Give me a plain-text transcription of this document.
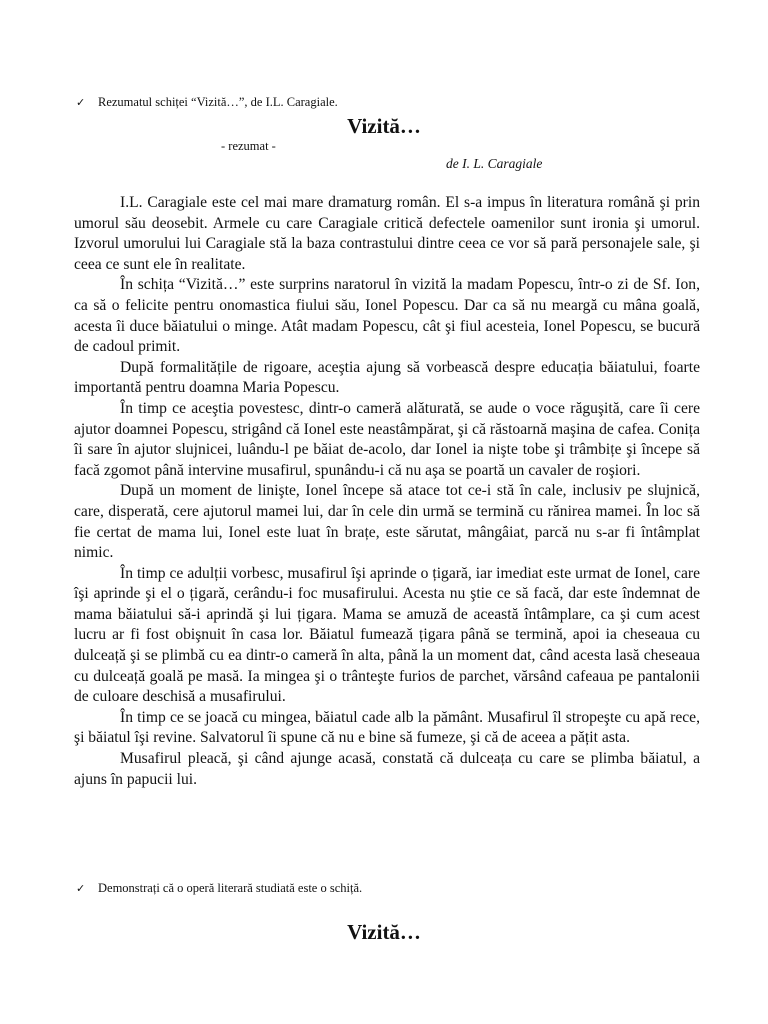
✓ Rezumatul schiței “Vizită…”, de I.L. Caragiale.
Vizită…
- rezumat -
de I. L. Caragiale

I.L. Caragiale este cel mai mare dramaturg român. El s-a impus în literatura română şi prin umorul său deosebit. Armele cu care Caragiale critică defectele oamenilor sunt ironia şi umorul. Izvorul umorului lui Caragiale stă la baza contrastului dintre ceea ce vor să pară personajele sale, şi ceea ce sunt ele în realitate.

În schița “Vizită…” este surprins naratorul în vizită la madam Popescu, într-o zi de Sf. Ion, ca să o felicite pentru onomastica fiului său, Ionel Popescu. Dar ca să nu meargă cu mâna goală, acesta îi duce băiatului o minge. Atât madam Popescu, cât şi fiul acesteia, Ionel Popescu, se bucură de cadoul primit.

După formalitățile de rigoare, aceştia ajung să vorbească despre educația băiatului, foarte importantă pentru doamna Maria Popescu.

În timp ce aceştia povestesc, dintr-o cameră alăturată, se aude o voce răguşită, care îi cere ajutor doamnei Popescu, strigând că Ionel este neastâmpărat, şi că răstoarnă maşina de cafea. Conița îi sare în ajutor slujnicei, luându-l pe băiat de-acolo, dar Ionel ia nişte tobe şi trâmbițe şi începe să facă zgomot până intervine musafirul, spunându-i că nu aşa se poartă un cavaler de roşiori.

După un moment de linişte, Ionel începe să atace tot ce-i stă în cale, inclusiv pe slujnică, care, disperată, cere ajutorul mamei lui, dar în cele din urmă se termină cu rănirea mamei. În loc să fie certat de mama lui, Ionel este luat în brațe, este sărutat, mângâiat, parcă nu s-ar fi întâmplat nimic.

În timp ce adulții vorbesc, musafirul îşi aprinde o țigară, iar imediat este urmat de Ionel, care îşi aprinde şi el o țigară, cerându-i foc musafirului. Acesta nu ştie ce să facă, dar este îndemnat de mama băiatului să-i aprindă şi lui țigara. Mama se amuză de această întâmplare, ca şi cum acest lucru ar fi fost obişnuit în casa lor. Băiatul fumează țigara până se termină, apoi ia cheseaua cu dulceață şi se plimbă cu ea dintr-o cameră în alta, până la un moment dat, când acesta lasă cheseaua cu dulceață goală pe masă. Ia mingea şi o trânteşte furios de parchet, vărsând cafeaua pe pantalonii de culoare deschisă a musafirului.

În timp ce se joacă cu mingea, băiatul cade alb la pământ. Musafirul îl stropeşte cu apă rece, şi băiatul îşi revine. Salvatorul îi spune că nu e bine să fumeze, şi că de aceea a pățit asta.

Musafirul pleacă, şi când ajunge acasă, constată că dulceața cu care se plimba băiatul, a ajuns în papucii lui.

✓ Demonstrați că o operă literară studiată este o schiță.
Vizită…
